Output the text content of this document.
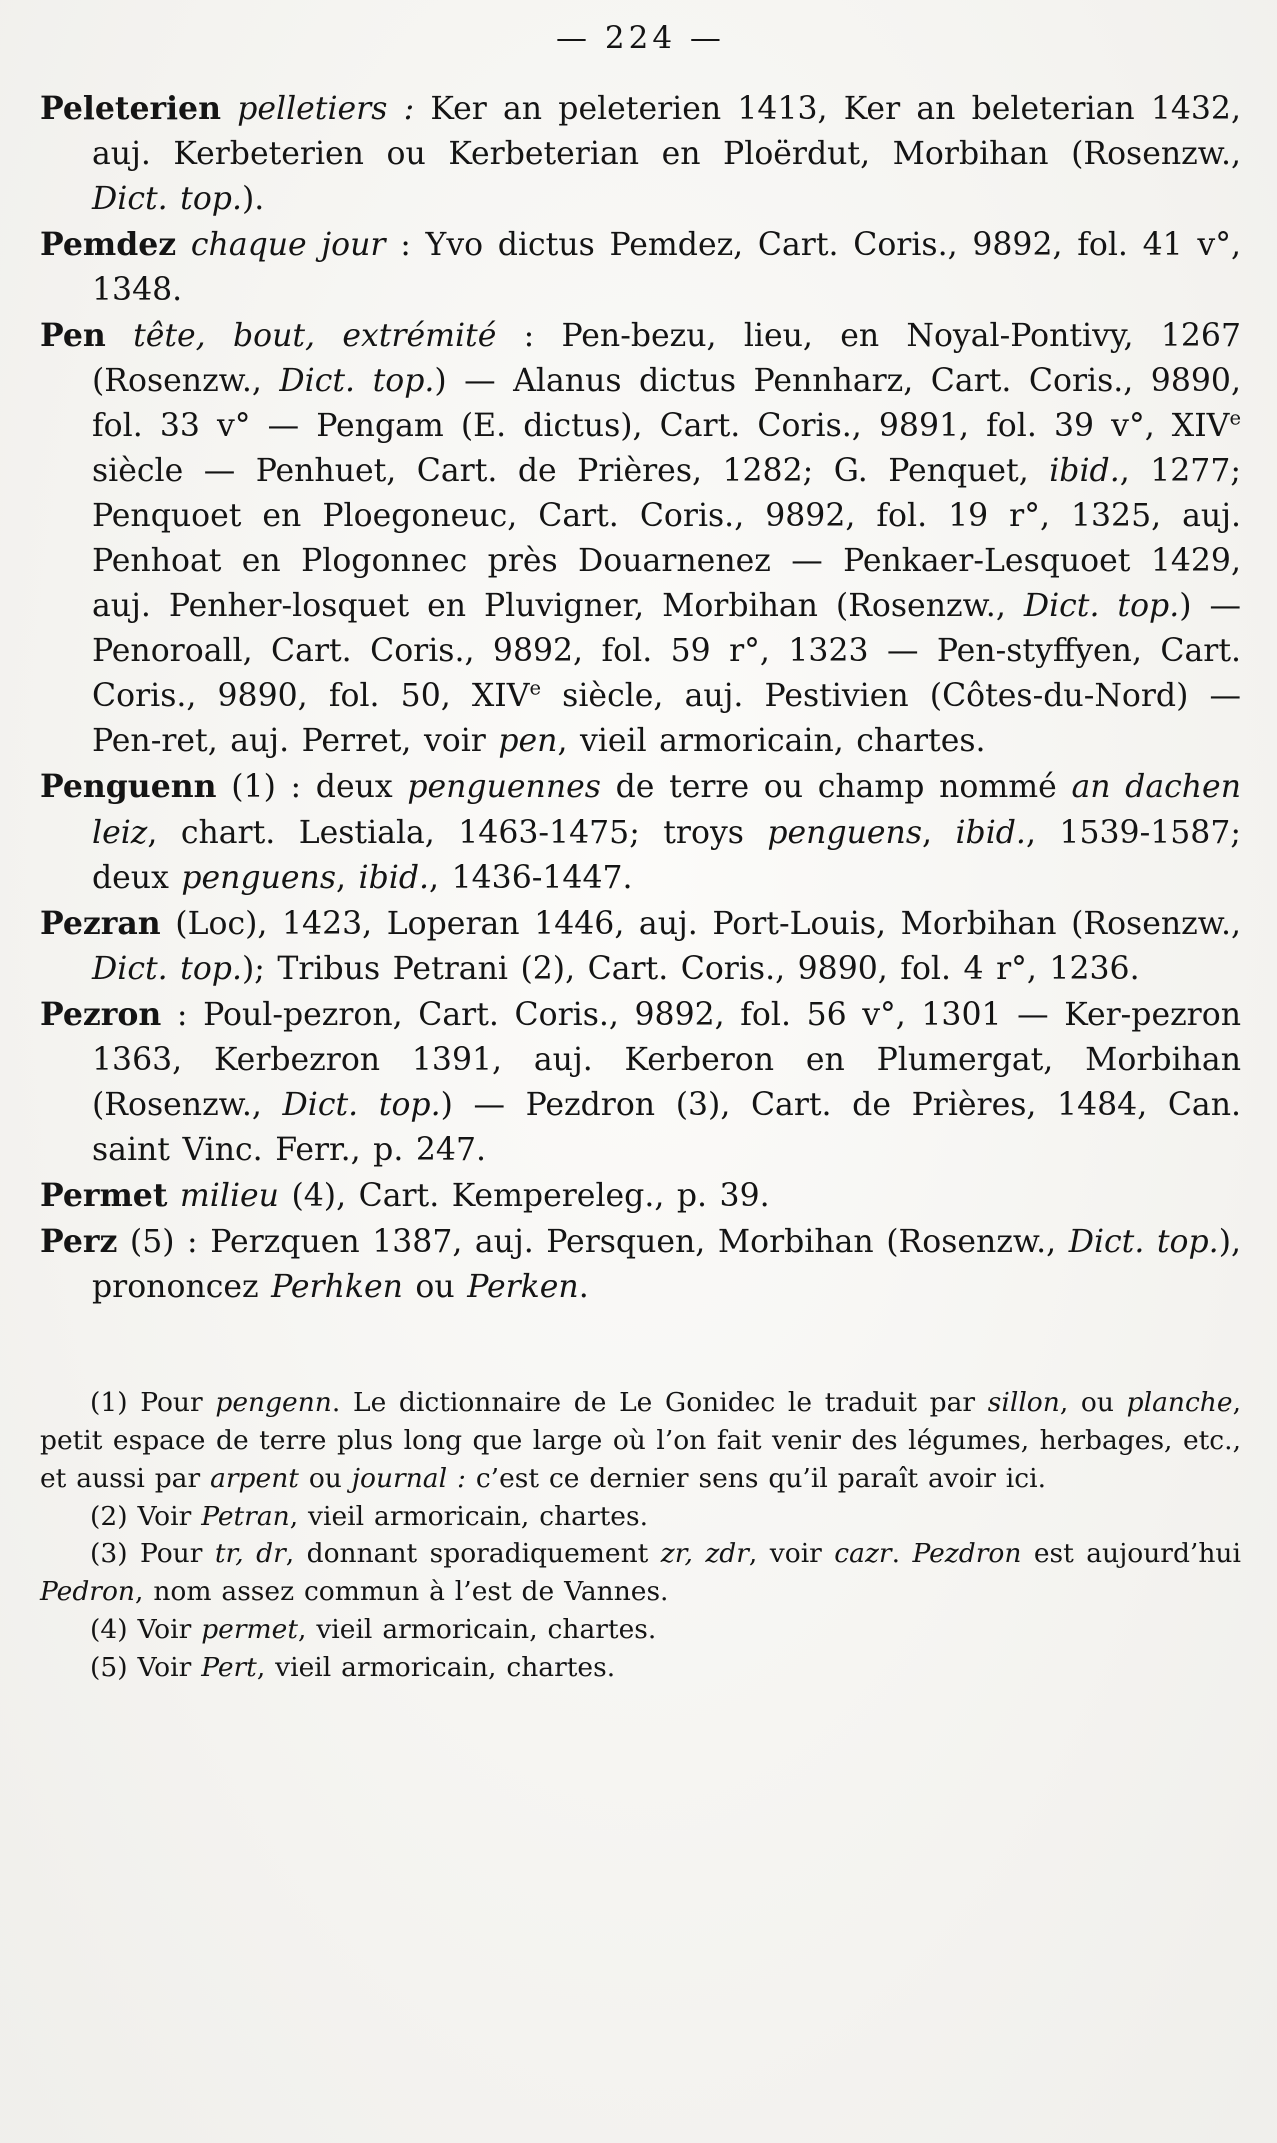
— 224 —

Peleterien pelletiers : Ker an peleterien 1413, Ker an beleterian 1432, auj. Kerbeterien ou Kerbeterian en Ploërdut, Morbihan (Rosenzw., Dict. top.).

Pemdez chaque jour : Yvo dictus Pemdez, Cart. Coris., 9892, fol. 41 v°, 1348.

Pen tête, bout, extrémité : Pen-bezu, lieu, en Noyal-Pontivy, 1267 (Rosenzw., Dict. top.) — Alanus dictus Pennharz, Cart. Coris., 9890, fol. 33 v° — Pengam (E. dictus), Cart. Coris., 9891, fol. 39 v°, XIVe siècle — Penhuet, Cart. de Prières, 1282; G. Penquet, ibid., 1277; Penquoet en Ploegoneuc, Cart. Coris., 9892, fol. 19 r°, 1325, auj. Penhoat en Plogonnec près Douarnenez — Penkaer-Lesquoet 1429, auj. Penher-losquet en Pluvigner, Morbihan (Rosenzw., Dict. top.) — Penoroall, Cart. Coris., 9892, fol. 59 r°, 1323 — Pen-styffyen, Cart. Coris., 9890, fol. 50, XIVe siècle, auj. Pestivien (Côtes-du-Nord) — Pen-ret, auj. Perret, voir pen, vieil armoricain, chartes.

Penguenn (1) : deux penguennes de terre ou champ nommé an dachen leiz, chart. Lestiala, 1463-1475; troys penguens, ibid., 1539-1587; deux penguens, ibid., 1436-1447.

Pezran (Loc), 1423, Loperan 1446, auj. Port-Louis, Morbihan (Rosenzw., Dict. top.); Tribus Petrani (2), Cart. Coris., 9890, fol. 4 r°, 1236.

Pezron : Poul-pezron, Cart. Coris., 9892, fol. 56 v°, 1301 — Ker-pezron 1363, Kerbezron 1391, auj. Kerberon en Plumergat, Morbihan (Rosenzw., Dict. top.) — Pezdron (3), Cart. de Prières, 1484, Can. saint Vinc. Ferr., p. 247.

Permet milieu (4), Cart. Kempereleg., p. 39.

Perz (5) : Perzquen 1387, auj. Persquen, Morbihan (Rosenzw., Dict. top.), prononcez Perhken ou Perken.

(1) Pour pengenn. Le dictionnaire de Le Gonidec le traduit par sillon, ou planche, petit espace de terre plus long que large où l’on fait venir des légumes, herbages, etc., et aussi par arpent ou journal : c’est ce dernier sens qu’il paraît avoir ici.

(2) Voir Petran, vieil armoricain, chartes.

(3) Pour tr, dr, donnant sporadiquement zr, zdr, voir cazr. Pezdron est aujourd’hui Pedron, nom assez commun à l’est de Vannes.

(4) Voir permet, vieil armoricain, chartes.

(5) Voir Pert, vieil armoricain, chartes.
